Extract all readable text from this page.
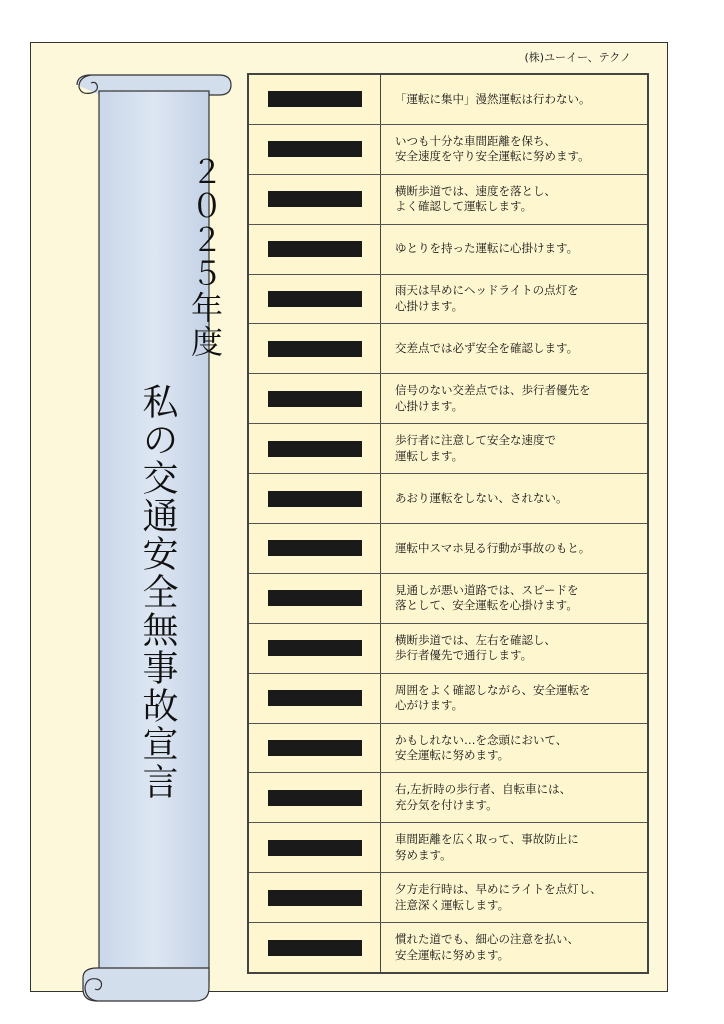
(株)ユーイー、テクノ
２０２５年度
私の交通安全無事故宣言
「運転に集中」漫然運転は行わない。
いつも十分な車間距離を保ち、
安全速度を守り安全運転に努めます。
横断歩道では、速度を落とし、
よく確認して運転します。
ゆとりを持った運転に心掛けます。
雨天は早めにヘッドライトの点灯を
心掛けます。
交差点では必ず安全を確認します。
信号のない交差点では、歩行者優先を
心掛けます。
歩行者に注意して安全な速度で
運転します。
あおり運転をしない、されない。
運転中スマホ見る行動が事故のもと。
見通しが悪い道路では、スピードを
落として、安全運転を心掛けます。
横断歩道では、左右を確認し、
歩行者優先で通行します。
周囲をよく確認しながら、安全運転を
心がけます。
かもしれない…を念頭において、
安全運転に努めます。
右,左折時の歩行者、自転車には、
充分気を付けます。
車間距離を広く取って、事故防止に
努めます。
夕方走行時は、早めにライトを点灯し、
注意深く運転します。
慣れた道でも、細心の注意を払い、
安全運転に努めます。
